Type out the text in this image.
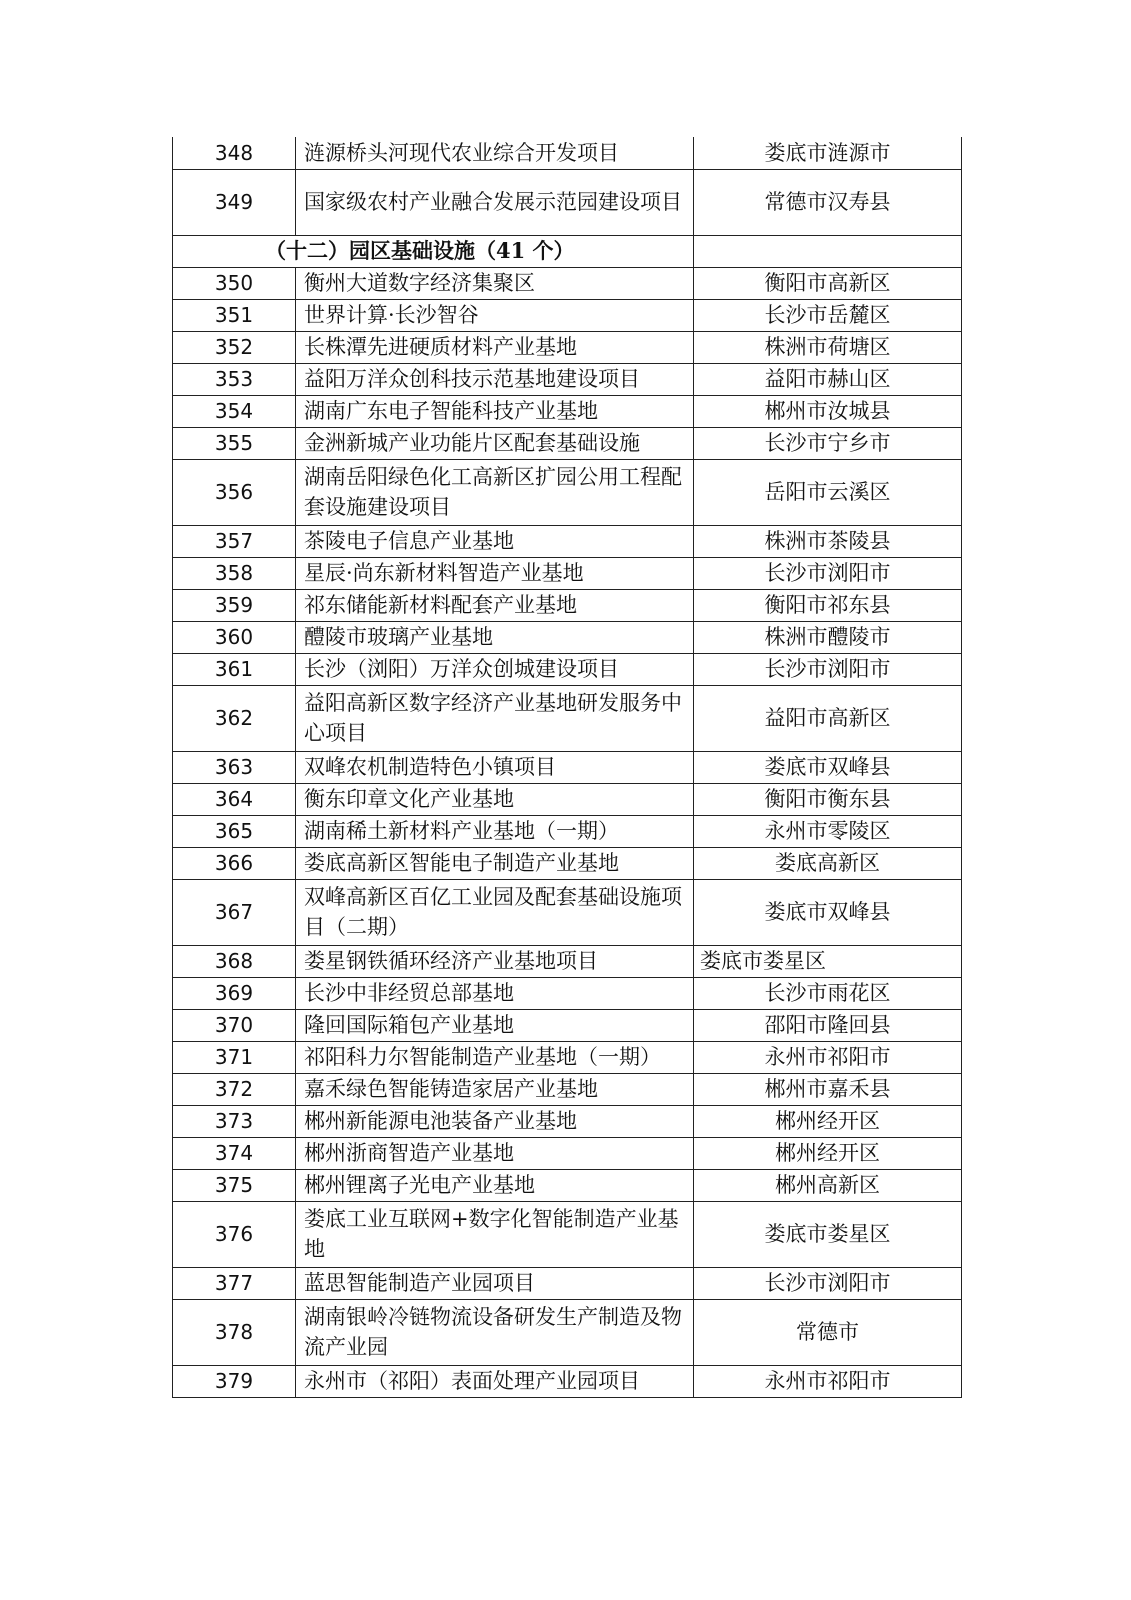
348	涟源桥头河现代农业综合开发项目	娄底市涟源市
349	国家级农村产业融合发展示范园建设项目	常德市汉寿县
（十二）园区基础设施（41 个）		
350	衡州大道数字经济集聚区	衡阳市高新区
351	世界计算·长沙智谷	长沙市岳麓区
352	长株潭先进硬质材料产业基地	株洲市荷塘区
353	益阳万洋众创科技示范基地建设项目	益阳市赫山区
354	湖南广东电子智能科技产业基地	郴州市汝城县
355	金洲新城产业功能片区配套基础设施	长沙市宁乡市
356	湖南岳阳绿色化工高新区扩园公用工程配套设施建设项目	岳阳市云溪区
357	茶陵电子信息产业基地	株洲市茶陵县
358	星辰·尚东新材料智造产业基地	长沙市浏阳市
359	祁东储能新材料配套产业基地	衡阳市祁东县
360	醴陵市玻璃产业基地	株洲市醴陵市
361	长沙（浏阳）万洋众创城建设项目	长沙市浏阳市
362	益阳高新区数字经济产业基地研发服务中心项目	益阳市高新区
363	双峰农机制造特色小镇项目	娄底市双峰县
364	衡东印章文化产业基地	衡阳市衡东县
365	湖南稀土新材料产业基地（一期）	永州市零陵区
366	娄底高新区智能电子制造产业基地	娄底高新区
367	双峰高新区百亿工业园及配套基础设施项 目（二期）	娄底市双峰县
368	娄星钢铁循环经济产业基地项目	娄底市娄星区
369	长沙中非经贸总部基地	长沙市雨花区
370	隆回国际箱包产业基地	邵阳市隆回县
371	祁阳科力尔智能制造产业基地（一期）	永州市祁阳市
372	嘉禾绿色智能铸造家居产业基地	郴州市嘉禾县
373	郴州新能源电池装备产业基地	郴州经开区
374	郴州浙商智造产业基地	郴州经开区
375	郴州锂离子光电产业基地	郴州高新区
376	娄底工业互联网+数字化智能制造产业基地	娄底市娄星区
377	蓝思智能制造产业园项目	长沙市浏阳市
378	湖南银岭冷链物流设备研发生产制造及物流产业园	常德市
379	永州市（祁阳）表面处理产业园项目	永州市祁阳市
